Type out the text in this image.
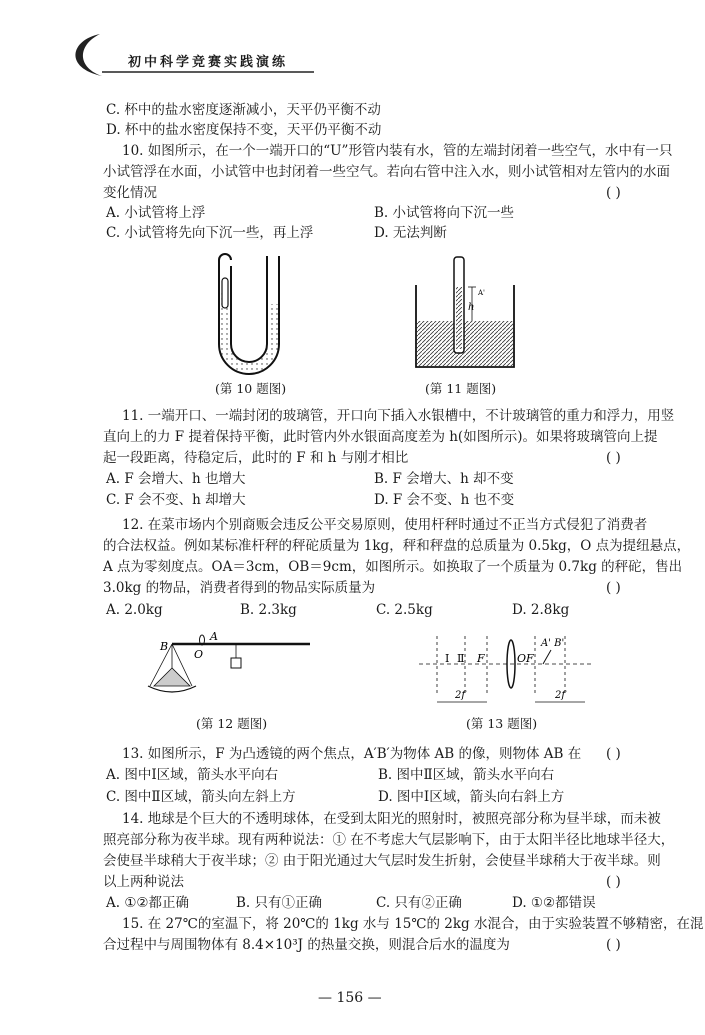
初中科学竞赛实践演练
C. 杯中的盐水密度逐渐减小，天平仍平衡不动
D. 杯中的盐水密度保持不变，天平仍平衡不动
10. 如图所示，在一个一端开口的“U”形管内装有水，管的左端封闭着一些空气，水中有一只
小试管浮在水面，小试管中也封闭着一些空气。若向右管中注入水，则小试管相对左管内的水面
变化情况	( )
A. 小试管将上浮	B. 小试管将向下沉一些
C. 小试管将先向下沉一些，再上浮	D. 无法判断
(第 10 题图)
h
A'
(第 11 题图)
11. 一端开口、一端封闭的玻璃管，开口向下插入水银槽中，不计玻璃管的重力和浮力，用竖
直向上的力 F 提着保持平衡，此时管内外水银面高度差为 h(如图所示)。如果将玻璃管向上提
起一段距离，待稳定后，此时的 F 和 h 与刚才相比	( )
A. F 会增大、h 也增大	B. F 会增大、h 却不变
C. F 会不变、h 却增大	D. F 会不变、h 也不变
12. 在菜市场内个别商贩会违反公平交易原则，使用杆秤时通过不正当方式侵犯了消费者
的合法权益。例如某标准杆秤的秤砣质量为 1kg，秤和秤盘的总质量为 0.5kg，O 点为提纽悬点，
A 点为零刻度点。OA＝3cm，OB＝9cm，如图所示。如换取了一个质量为 0.7kg 的秤砣，售出
3.0kg 的物品，消费者得到的物品实际质量为	( )
A. 2.0kg	B. 2.3kg	C. 2.5kg	D. 2.8kg
B
O
A
(第 12 题图)
Ⅰ Ⅱ F	O F
A' B'
2f	2f
(第 13 题图)
13. 如图所示，F 为凸透镜的两个焦点，A′B′为物体 AB 的像，则物体 AB 在 ( )
A. 图中Ⅰ区域，箭头水平向右	B. 图中Ⅱ区域，箭头水平向右
C. 图中Ⅱ区域，箭头向左斜上方	D. 图中Ⅰ区域，箭头向右斜上方
14. 地球是个巨大的不透明球体，在受到太阳光的照射时，被照亮部分称为昼半球，而未被
照亮部分称为夜半球。现有两种说法：① 在不考虑大气层影响下，由于太阳半径比地球半径大，
会使昼半球稍大于夜半球；② 由于阳光通过大气层时发生折射，会使昼半球稍大于夜半球。则
以上两种说法	( )
A. ①②都正确	B. 只有①正确	C. 只有②正确	D. ①②都错误
15. 在 27℃的室温下，将 20℃的 1kg 水与 15℃的 2kg 水混合，由于实验装置不够精密，在混
合过程中与周围物体有 8.4×10³J 的热量交换，则混合后水的温度为	( )
— 156 —
